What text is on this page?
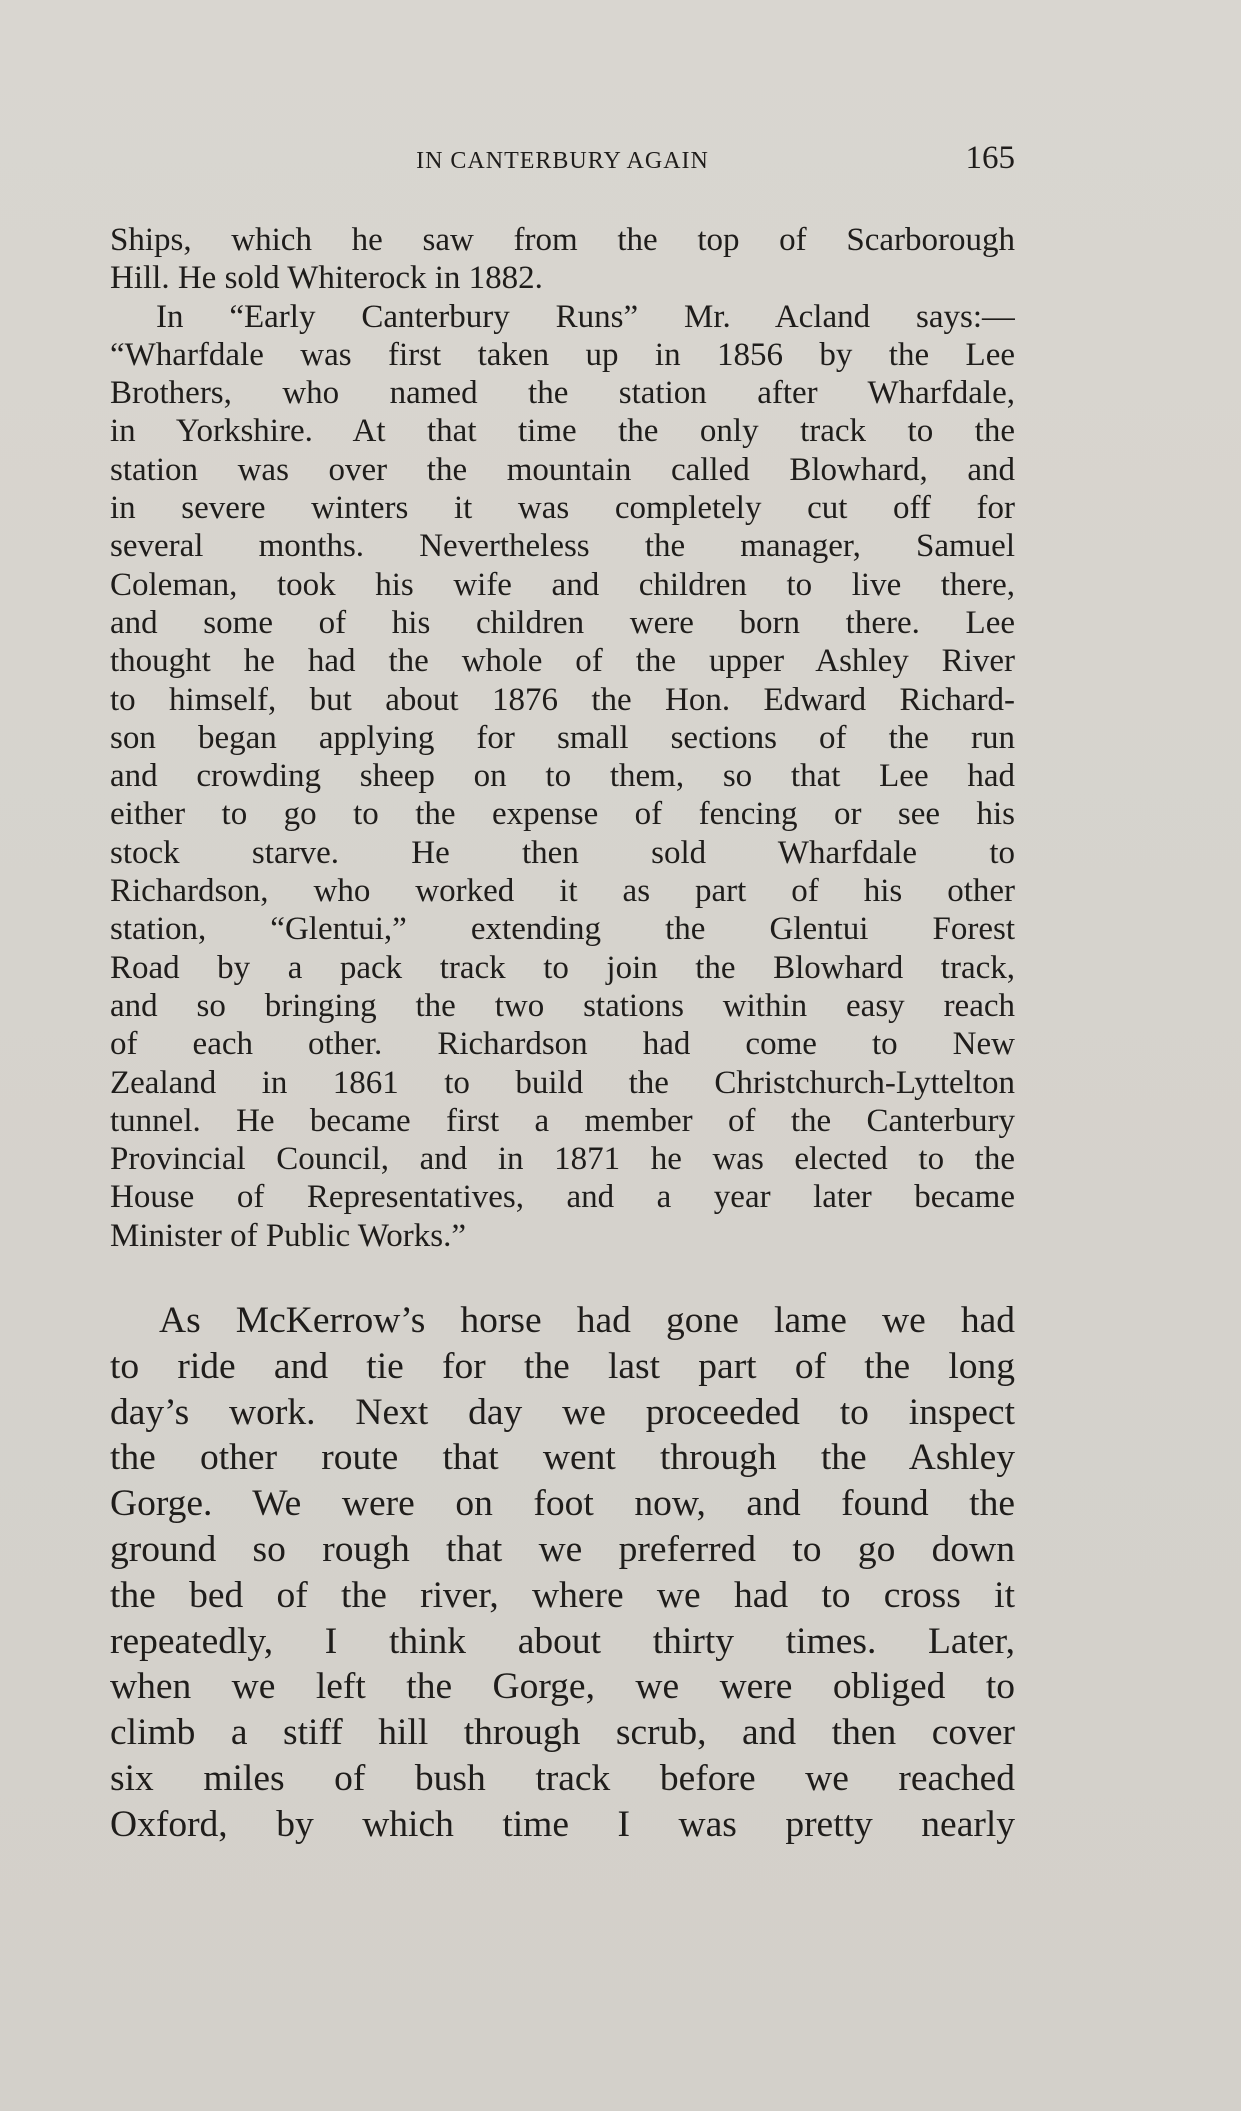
IN CANTERBURY AGAIN	165
Ships, which he saw from the top of Scarborough
Hill. He sold Whiterock in 1882.
In “Early Canterbury Runs” Mr. Acland says:—
“Wharfdale was first taken up in 1856 by the Lee
Brothers, who named the station after Wharfdale,
in Yorkshire. At that time the only track to the
station was over the mountain called Blowhard, and
in severe winters it was completely cut off for
several months. Nevertheless the manager, Samuel
Coleman, took his wife and children to live there,
and some of his children were born there. Lee
thought he had the whole of the upper Ashley River
to himself, but about 1876 the Hon. Edward Richard-
son began applying for small sections of the run
and crowding sheep on to them, so that Lee had
either to go to the expense of fencing or see his
stock starve. He then sold Wharfdale to
Richardson, who worked it as part of his other
station, “Glentui,” extending the Glentui Forest
Road by a pack track to join the Blowhard track,
and so bringing the two stations within easy reach
of each other. Richardson had come to New
Zealand in 1861 to build the Christchurch-Lyttelton
tunnel. He became first a member of the Canterbury
Provincial Council, and in 1871 he was elected to the
House of Representatives, and a year later became
Minister of Public Works.”
As McKerrow’s horse had gone lame we had
to ride and tie for the last part of the long
day’s work. Next day we proceeded to inspect
the other route that went through the Ashley
Gorge. We were on foot now, and found the
ground so rough that we preferred to go down
the bed of the river, where we had to cross it
repeatedly, I think about thirty times. Later,
when we left the Gorge, we were obliged to
climb a stiff hill through scrub, and then cover
six miles of bush track before we reached
Oxford, by which time I was pretty nearly
